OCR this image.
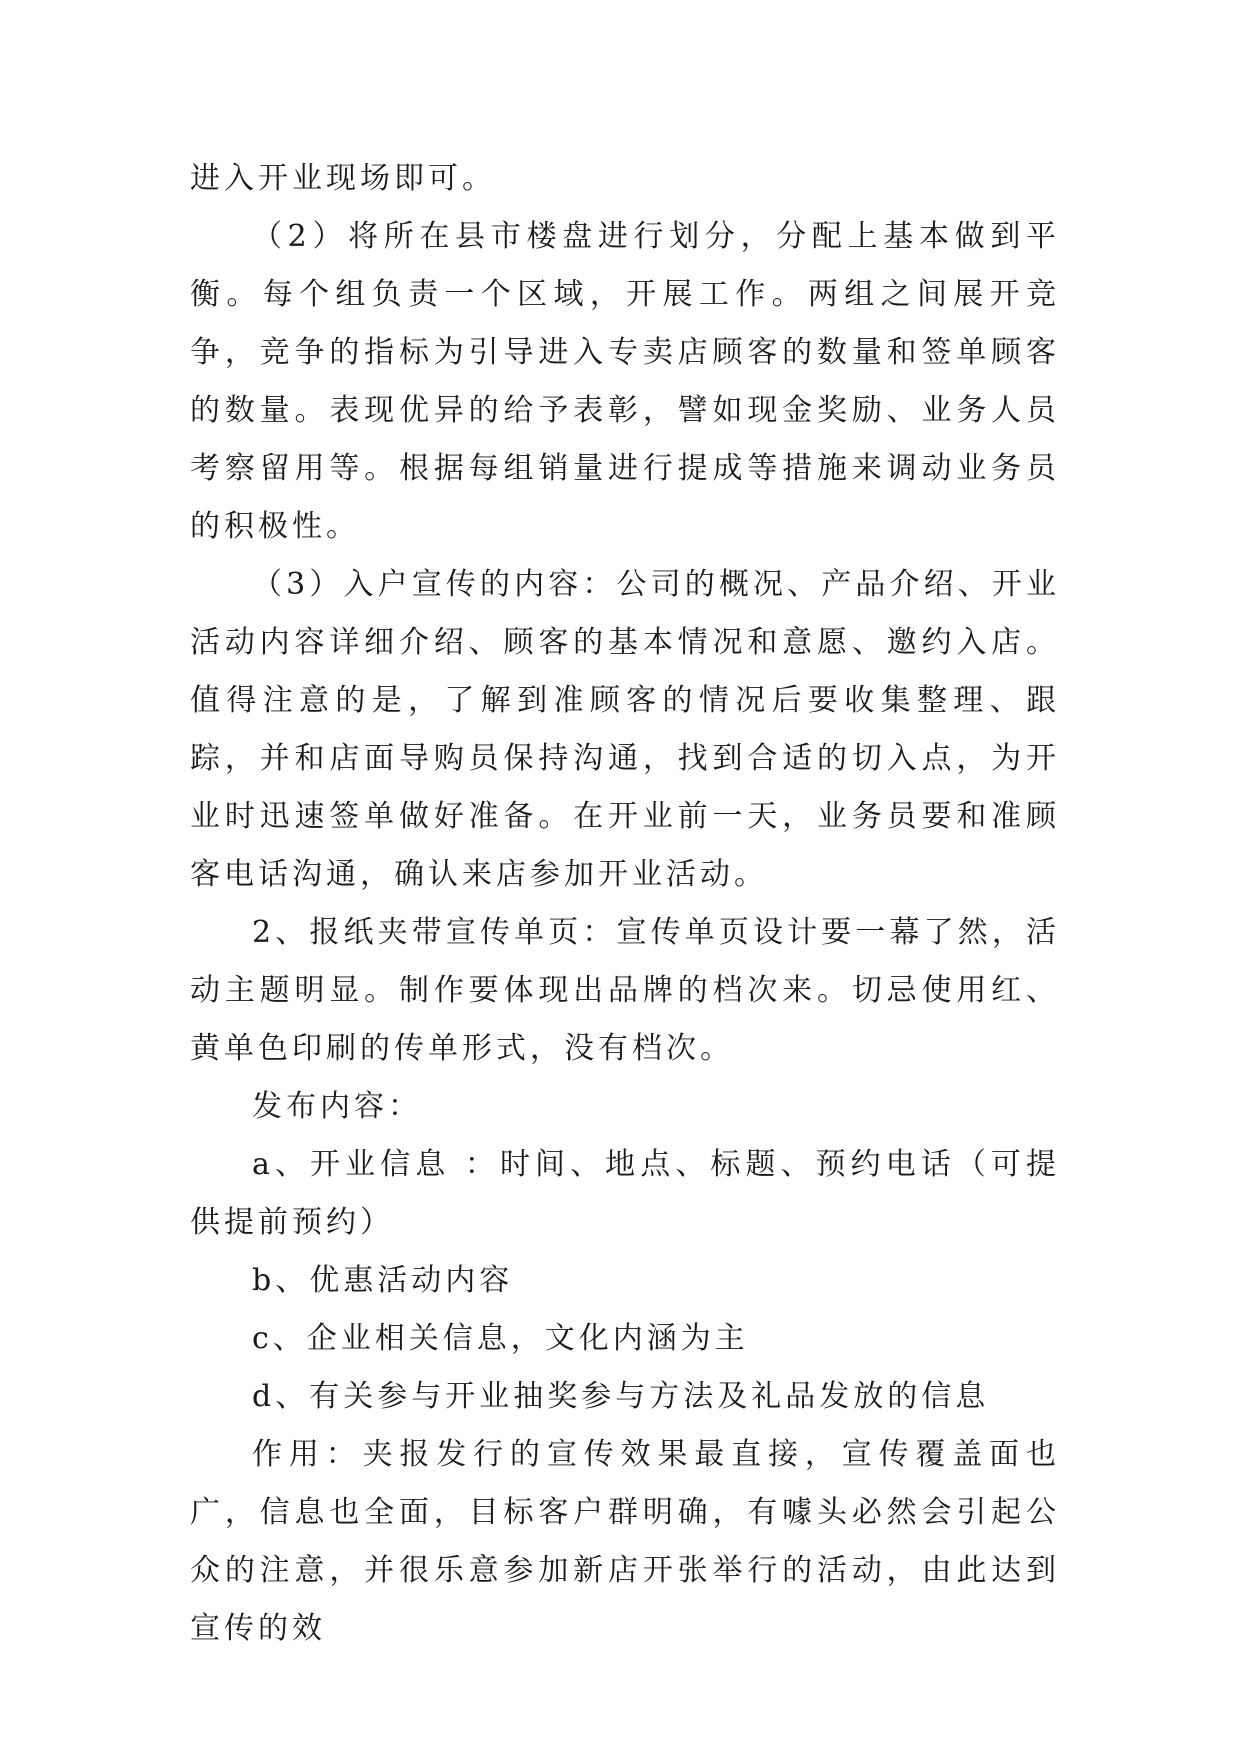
进入开业现场即可。

（2）将所在县市楼盘进行划分，分配上基本做到平衡。每个组负责一个区域，开展工作。两组之间展开竞争，竞争的指标为引导进入专卖店顾客的数量和签单顾客的数量。表现优异的给予表彰，譬如现金奖励、业务人员考察留用等。根据每组销量进行提成等措施来调动业务员的积极性。

（3）入户宣传的内容：公司的概况、产品介绍、开业活动内容详细介绍、顾客的基本情况和意愿、邀约入店。值得注意的是，了解到准顾客的情况后要收集整理、跟踪，并和店面导购员保持沟通，找到合适的切入点，为开业时迅速签单做好准备。在开业前一天，业务员要和准顾客电话沟通，确认来店参加开业活动。

2、报纸夹带宣传单页：宣传单页设计要一幕了然，活动主题明显。制作要体现出品牌的档次来。切忌使用红、黄单色印刷的传单形式，没有档次。

发布内容：

a、开业信息 ：时间、地点、标题、预约电话（可提供提前预约）

b、优惠活动内容

c、企业相关信息，文化内涵为主

d、有关参与开业抽奖参与方法及礼品发放的信息

作用：夹报发行的宣传效果最直接，宣传覆盖面也广，信息也全面，目标客户群明确，有噱头必然会引起公众的注意，并很乐意参加新店开张举行的活动，由此达到宣传的效
